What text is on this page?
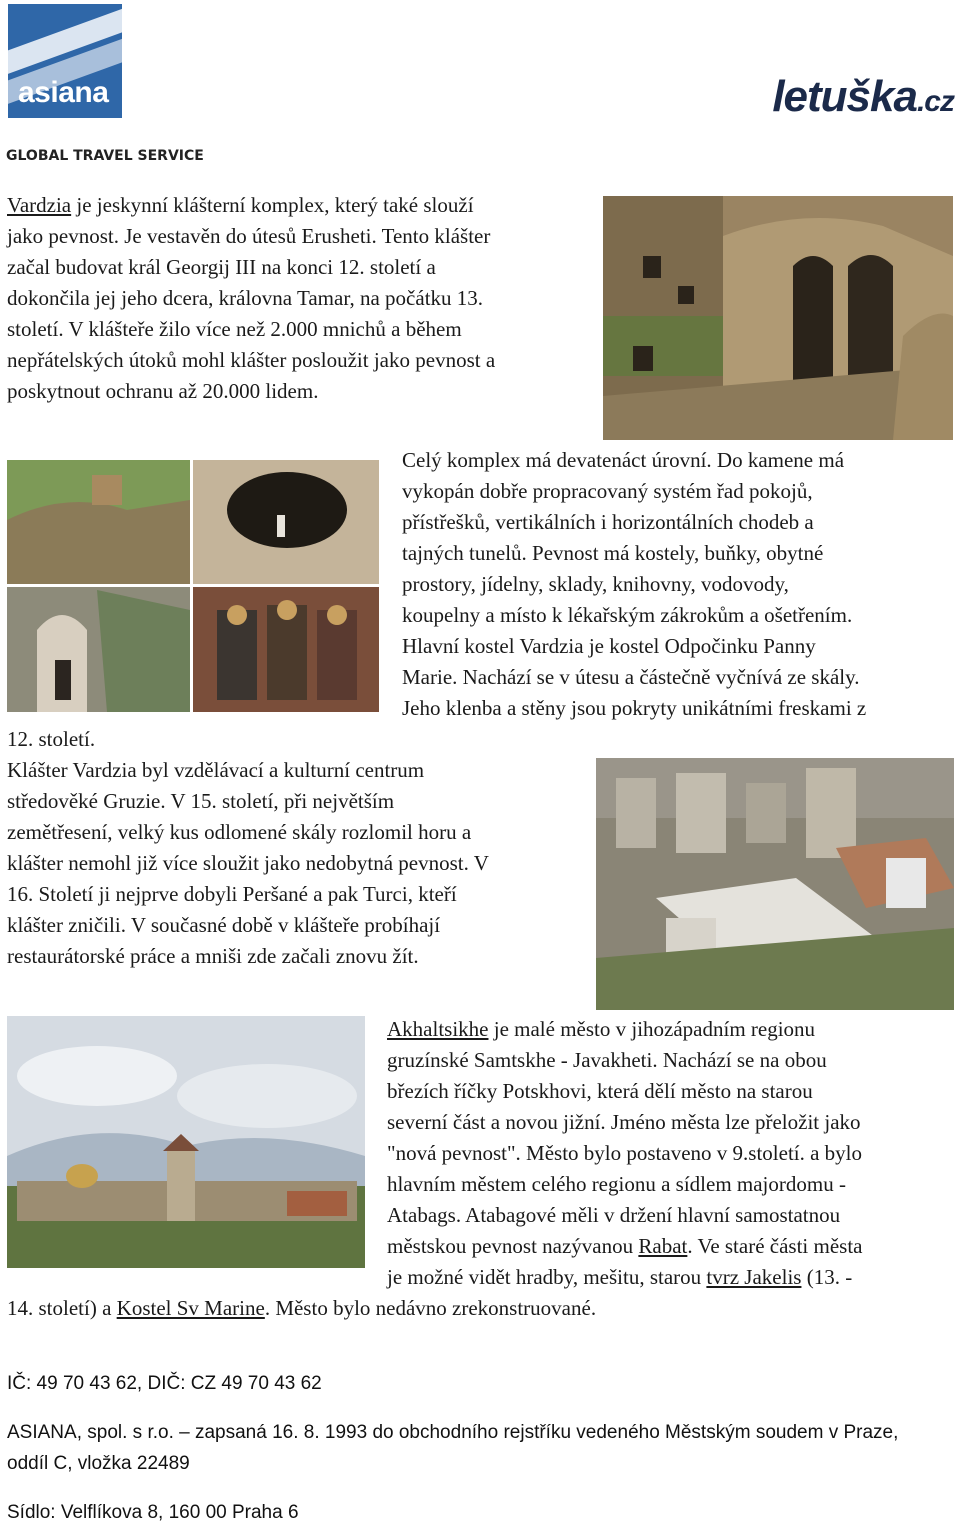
asiana
GLOBAL TRAVEL SERVICE
letuška.cz
Vardzia je jeskynní klášterní komplex, který také slouží
jako pevnost. Je vestavěn do útesů Erusheti. Tento klášter
začal budovat král Georgij III na konci 12. století a
dokončila jej jeho dcera, královna Tamar, na počátku 13.
století. V klášteře žilo více než 2.000 mnichů a během
nepřátelských útoků mohl klášter posloužit jako pevnost a
poskytnout ochranu až 20.000 lidem.
Celý komplex má devatenáct úrovní. Do kamene má
vykopán dobře propracovaný systém řad pokojů,
přístřešků, vertikálních i horizontálních chodeb a
tajných tunelů. Pevnost má kostely, buňky, obytné
prostory, jídelny, sklady, knihovny, vodovody,
koupelny a místo k lékařským zákrokům a ošetřením.
Hlavní kostel Vardzia je kostel Odpočinku Panny
Marie. Nachází se v útesu a částečně vyčnívá ze skály.
Jeho klenba a stěny jsou pokryty unikátními freskami z
12. století.
Klášter Vardzia byl vzdělávací a kulturní centrum
středověké Gruzie. V 15. století, při největším
zemětřesení, velký kus odlomené skály rozlomil horu a
klášter nemohl již více sloužit jako nedobytná pevnost. V
16. Století ji nejprve dobyli Peršané a pak Turci, kteří
klášter zničili. V současné době v klášteře probíhají
restaurátorské práce a mniši zde začali znovu žít.
Akhaltsikhe je malé město v jihozápadním regionu
gruzínské Samtskhe - Javakheti. Nachází se na obou
březích říčky Potskhovi, která dělí město na starou
severní část a novou jižní. Jméno města lze přeložit jako
"nová pevnost". Město bylo postaveno v 9.století. a bylo
hlavním městem celého regionu a sídlem majordomu -
Atabags. Atabagové měli v držení hlavní samostatnou
městskou pevnost nazývanou Rabat. Ve staré části města
je možné vidět hradby, mešitu, starou tvrz Jakelis (13. -
14. století) a Kostel Sv Marine. Město bylo nedávno zrekonstruované.
IČ: 49 70 43 62, DIČ: CZ 49 70 43 62
ASIANA, spol. s r.o. – zapsaná 16. 8. 1993 do obchodního rejstříku vedeného Městským soudem v Praze,
oddíl C, vložka 22489
Sídlo: Velflíkova 8, 160 00 Praha 6
